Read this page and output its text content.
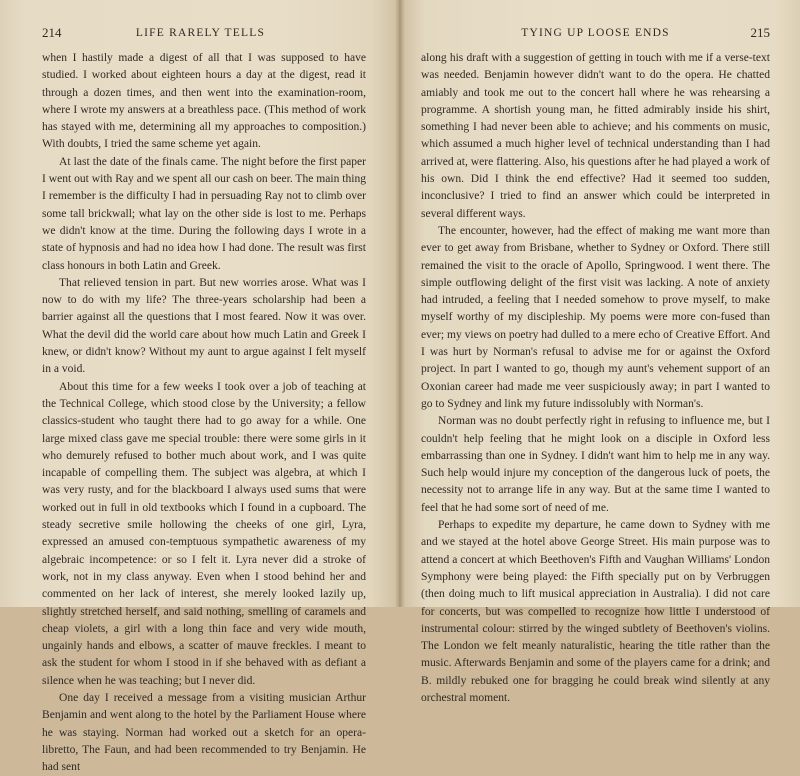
214	LIFE RARELY TELLS

when I hastily made a digest of all that I was supposed to have studied. I worked about eighteen hours a day at the digest, read it through a dozen times, and then went into the examination-room, where I wrote my answers at a breathless pace. (This method of work has stayed with me, determining all my approaches to composition.) With doubts, I tried the same scheme yet again.

At last the date of the finals came. The night before the first paper I went out with Ray and we spent all our cash on beer. The main thing I remember is the difficulty I had in persuading Ray not to climb over some tall brickwall; what lay on the other side is lost to me. Perhaps we didn't know at the time. During the following days I wrote in a state of hypnosis and had no idea how I had done. The result was first class honours in both Latin and Greek.

That relieved tension in part. But new worries arose. What was I now to do with my life? The three-years scholarship had been a barrier against all the questions that I most feared. Now it was over. What the devil did the world care about how much Latin and Greek I knew, or didn't know? Without my aunt to argue against I felt myself in a void.

About this time for a few weeks I took over a job of teaching at the Technical College, which stood close by the University; a fellow classics-student who taught there had to go away for a while. One large mixed class gave me special trouble: there were some girls in it who demurely refused to bother much about work, and I was quite incapable of compelling them. The subject was algebra, at which I was very rusty, and for the blackboard I always used sums that were worked out in full in old textbooks which I found in a cupboard. The steady secretive smile hollowing the cheeks of one girl, Lyra, expressed an amused con-temptuous sympathetic awareness of my algebraic incompetence: or so I felt it. Lyra never did a stroke of work, not in my class anyway. Even when I stood behind her and commented on her lack of interest, she merely looked lazily up, slightly stretched herself, and said nothing, smelling of caramels and cheap violets, a girl with a long thin face and very wide mouth, ungainly hands and elbows, a scatter of mauve freckles. I meant to ask the student for whom I stood in if she behaved with as defiant a silence when he was teaching; but I never did.

One day I received a message from a visiting musician Arthur Benjamin and went along to the hotel by the Parliament House where he was staying. Norman had worked out a sketch for an opera-libretto, The Faun, and had been recommended to try Benjamin. He had sent

TYING UP LOOSE ENDS	215

along his draft with a suggestion of getting in touch with me if a verse-text was needed. Benjamin however didn't want to do the opera. He chatted amiably and took me out to the concert hall where he was rehearsing a programme. A shortish young man, he fitted admirably inside his shirt, something I had never been able to achieve; and his comments on music, which assumed a much higher level of technical understanding than I had arrived at, were flattering. Also, his questions after he had played a work of his own. Did I think the end effective? Had it seemed too sudden, inconclusive? I tried to find an answer which could be interpreted in several different ways.

The encounter, however, had the effect of making me want more than ever to get away from Brisbane, whether to Sydney or Oxford. There still remained the visit to the oracle of Apollo, Springwood. I went there. The simple outflowing delight of the first visit was lacking. A note of anxiety had intruded, a feeling that I needed somehow to prove myself, to make myself worthy of my discipleship. My poems were more con-fused than ever; my views on poetry had dulled to a mere echo of Creative Effort. And I was hurt by Norman's refusal to advise me for or against the Oxford project. In part I wanted to go, though my aunt's vehement support of an Oxonian career had made me veer suspiciously away; in part I wanted to go to Sydney and link my future indissolubly with Norman's.

Norman was no doubt perfectly right in refusing to influence me, but I couldn't help feeling that he might look on a disciple in Oxford less embarrassing than one in Sydney. I didn't want him to help me in any way. Such help would injure my conception of the dangerous luck of poets, the necessity not to arrange life in any way. But at the same time I wanted to feel that he had some sort of need of me.

Perhaps to expedite my departure, he came down to Sydney with me and we stayed at the hotel above George Street. His main purpose was to attend a concert at which Beethoven's Fifth and Vaughan Williams' London Symphony were being played: the Fifth specially put on by Verbruggen (then doing much to lift musical appreciation in Australia). I did not care for concerts, but was compelled to recognize how little I understood of instrumental colour: stirred by the winged subtlety of Beethoven's violins. The London we felt meanly naturalistic, hearing the title rather than the music. Afterwards Benjamin and some of the players came for a drink; and B. mildly rebuked one for bragging he could break wind silently at any orchestral moment.
